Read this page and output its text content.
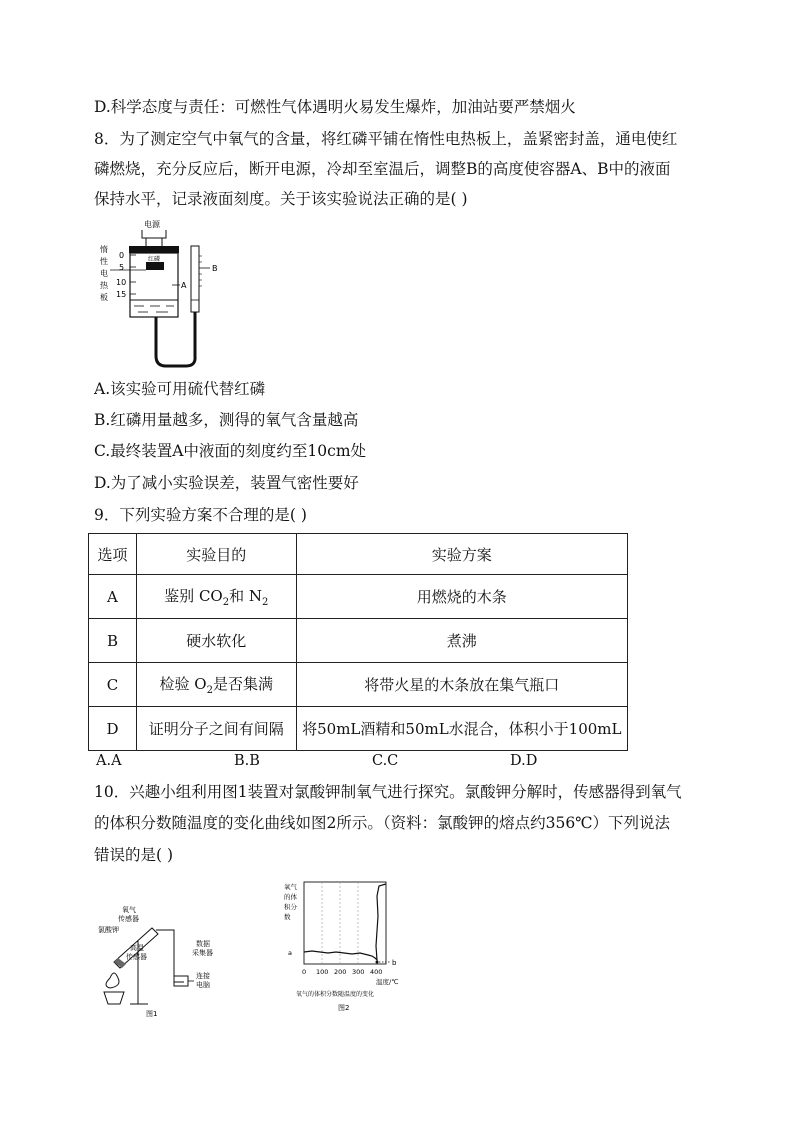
D.科学态度与责任：可燃性气体遇明火易发生爆炸，加油站要严禁烟火
8．为了测定空气中氧气的含量，将红磷平铺在惰性电热板上，盖紧密封盖，通电使红
磷燃烧，充分反应后，断开电源，冷却至室温后，调整B的高度使容器A、B中的液面
保持水平，记录液面刻度。关于该实验说法正确的是( )
电源
红磷
0
5
10
15
惰
性
电
热
板
A
B
A.该实验可用硫代替红磷
B.红磷用量越多，测得的氧气含量越高
C.最终装置A中液面的刻度约至10cm处
D.为了减小实验误差，装置气密性要好
9．下列实验方案不合理的是( )
选项	实验目的	实验方案
A	鉴别 $CO_2$和 $N_2$	用燃烧的木条
B	硬水软化	煮沸
C	检验 $O_2$是否集满	将带火星的木条放在集气瓶口
D	证明分子之间有间隔	将50mL酒精和50mL水混合，体积小于100mL
A.A	B.B	C.C	D.D
10．兴趣小组利用图1装置对氯酸钾制氧气进行探究。氯酸钾分解时，传感器得到氧气
的体积分数随温度的变化曲线如图2所示。（资料：氯酸钾的熔点约356℃）下列说法
错误的是( )
氧气
传感器
氯酸钾
高温
传感器
数据
采集器
连接
电脑
图1
氧气
的体
积分
数
a
b
0 100 200 300 400
温度/℃
氧气的体积分数随温度的变化
图2
